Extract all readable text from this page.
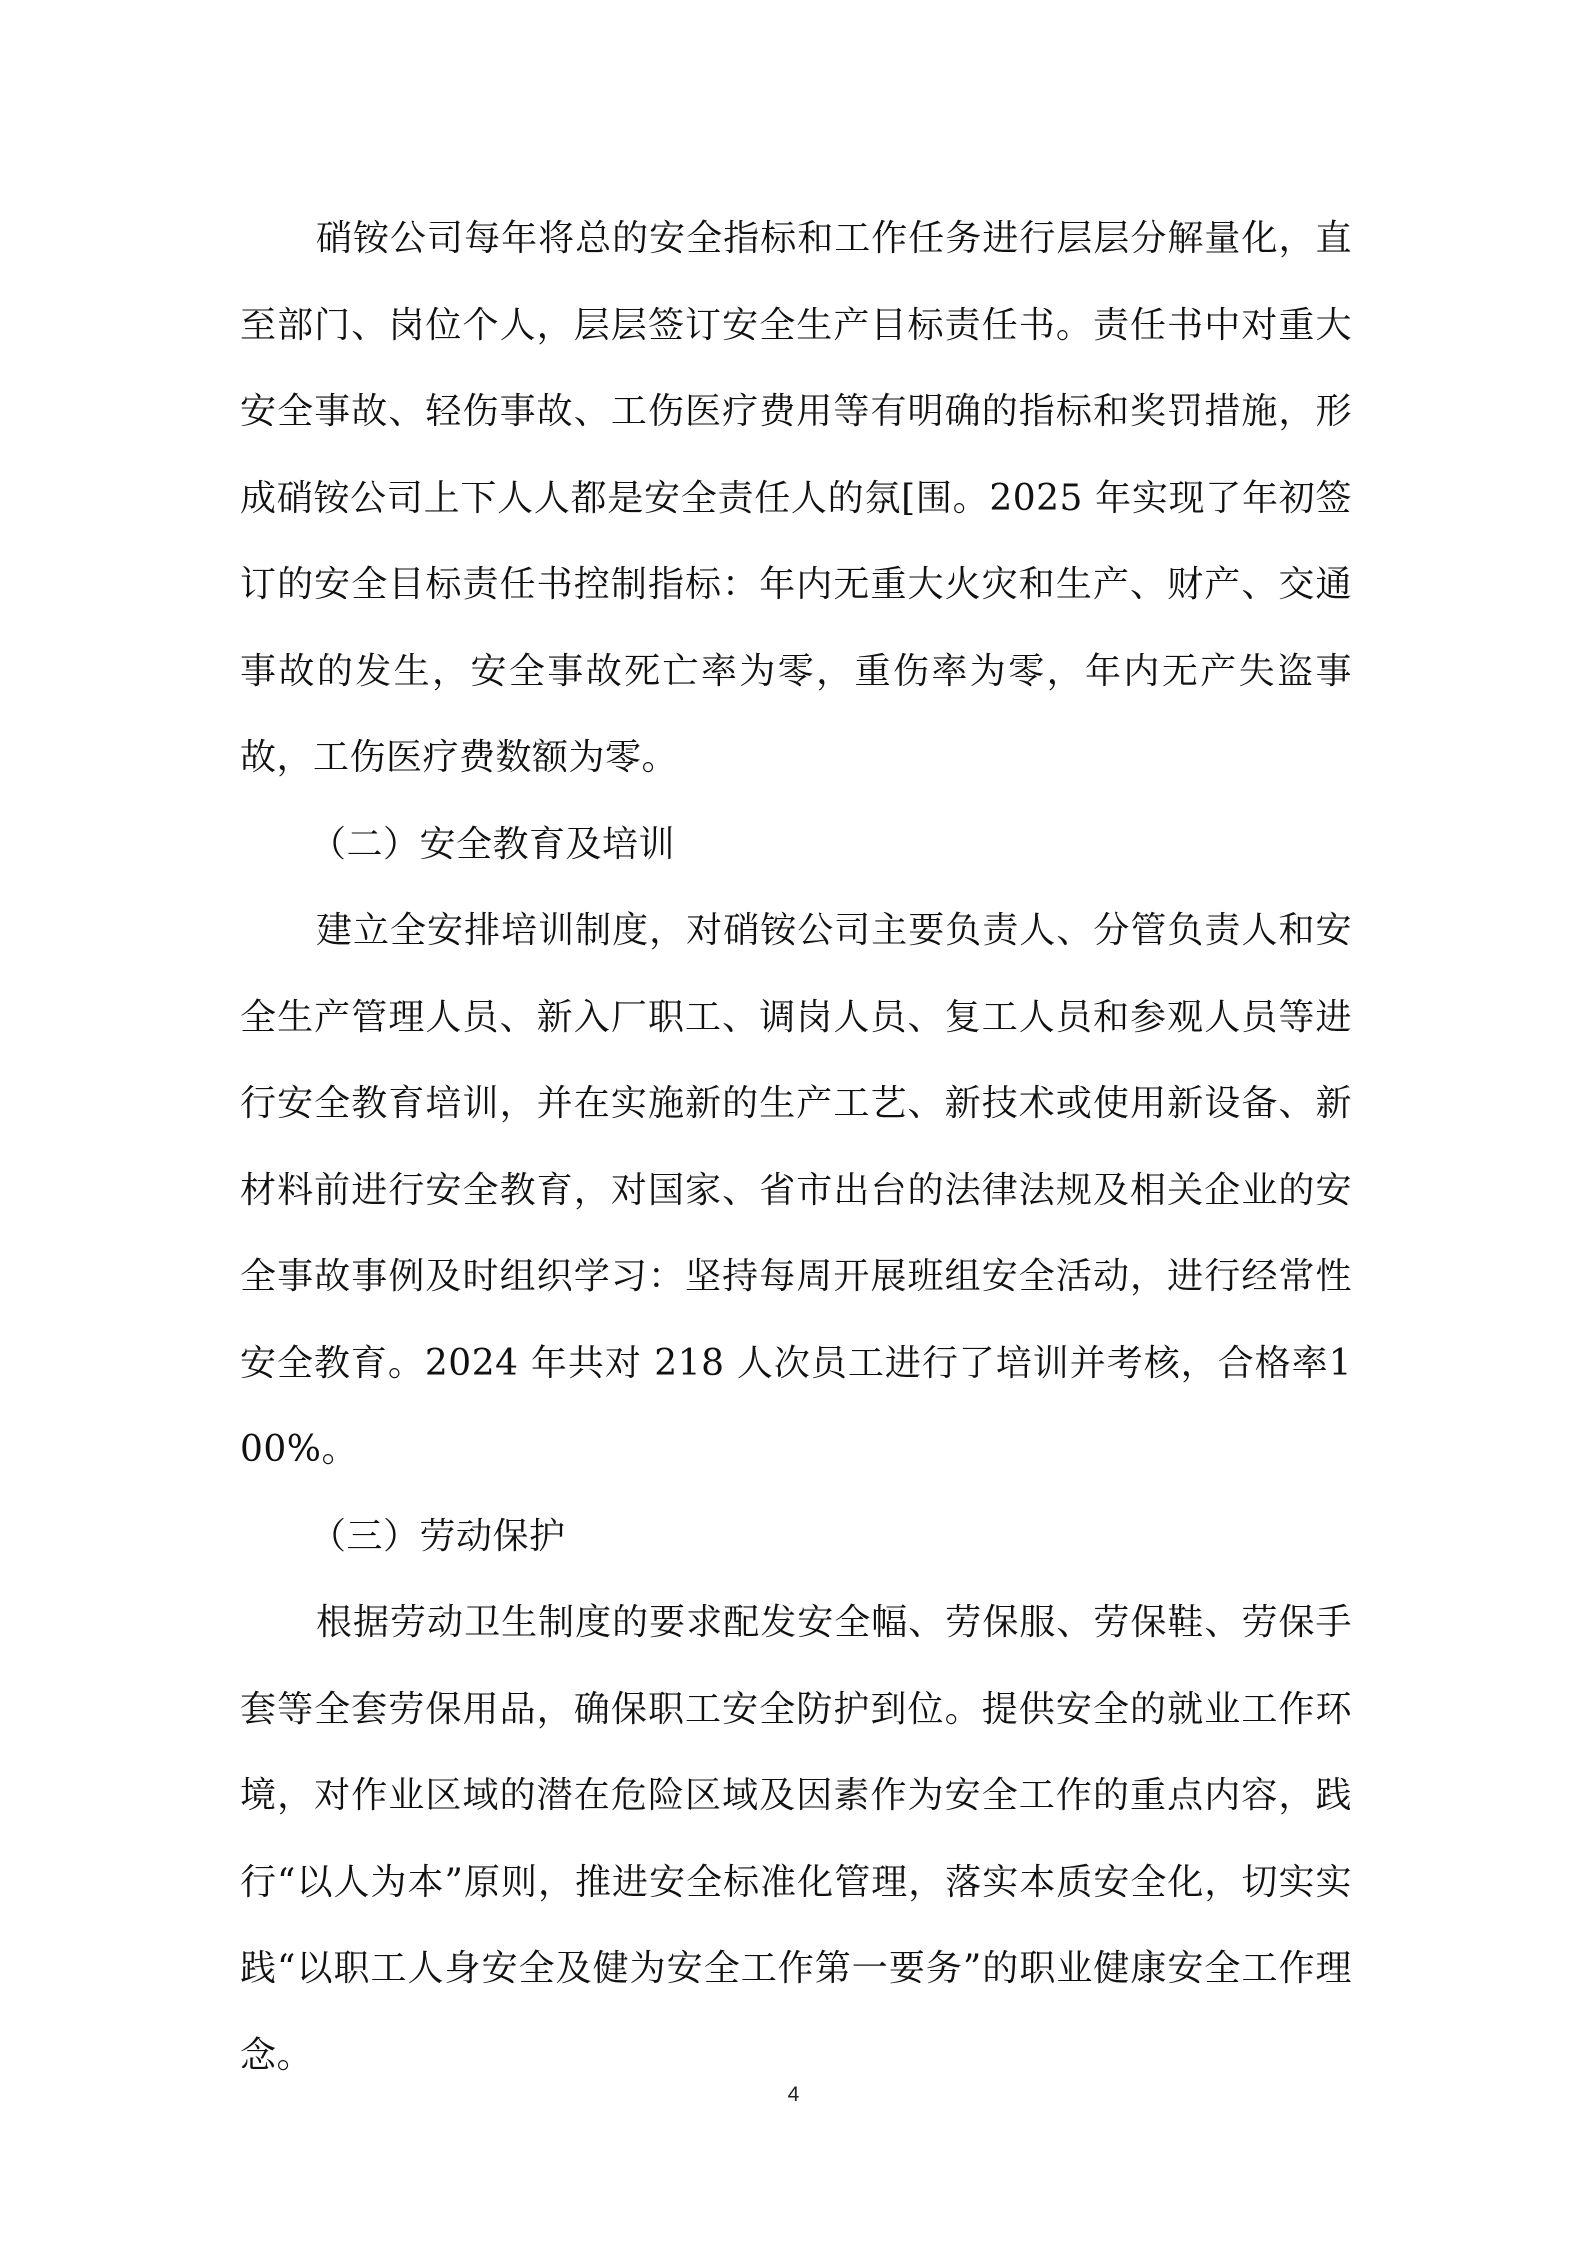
硝铵公司每年将总的安全指标和工作任务进行层层分解量化，直至部门、岗位个人，层层签订安全生产目标责任书。责任书中对重大安全事故、轻伤事故、工伤医疗费用等有明确的指标和奖罚措施，形成硝铵公司上下人人都是安全责任人的氛[围。2025 年实现了年初签订的安全目标责任书控制指标：年内无重大火灾和生产、财产、交通事故的发生，安全事故死亡率为零，重伤率为零，年内无产失盗事故，工伤医疗费数额为零。

（二）安全教育及培训

建立全安排培训制度，对硝铵公司主要负责人、分管负责人和安全生产管理人员、新入厂职工、调岗人员、复工人员和参观人员等进行安全教育培训，并在实施新的生产工艺、新技术或使用新设备、新材料前进行安全教育，对国家、省市出台的法律法规及相关企业的安全事故事例及时组织学习：坚持每周开展班组安全活动，进行经常性安全教育。2024 年共对 218 人次员工进行了培训并考核，合格率100%。

（三）劳动保护

根据劳动卫生制度的要求配发安全幅、劳保服、劳保鞋、劳保手套等全套劳保用品，确保职工安全防护到位。提供安全的就业工作环境，对作业区域的潜在危险区域及因素作为安全工作的重点内容，践行“以人为本”原则，推进安全标准化管理，落实本质安全化，切实实践“以职工人身安全及健为安全工作第一要务”的职业健康安全工作理念。

4
